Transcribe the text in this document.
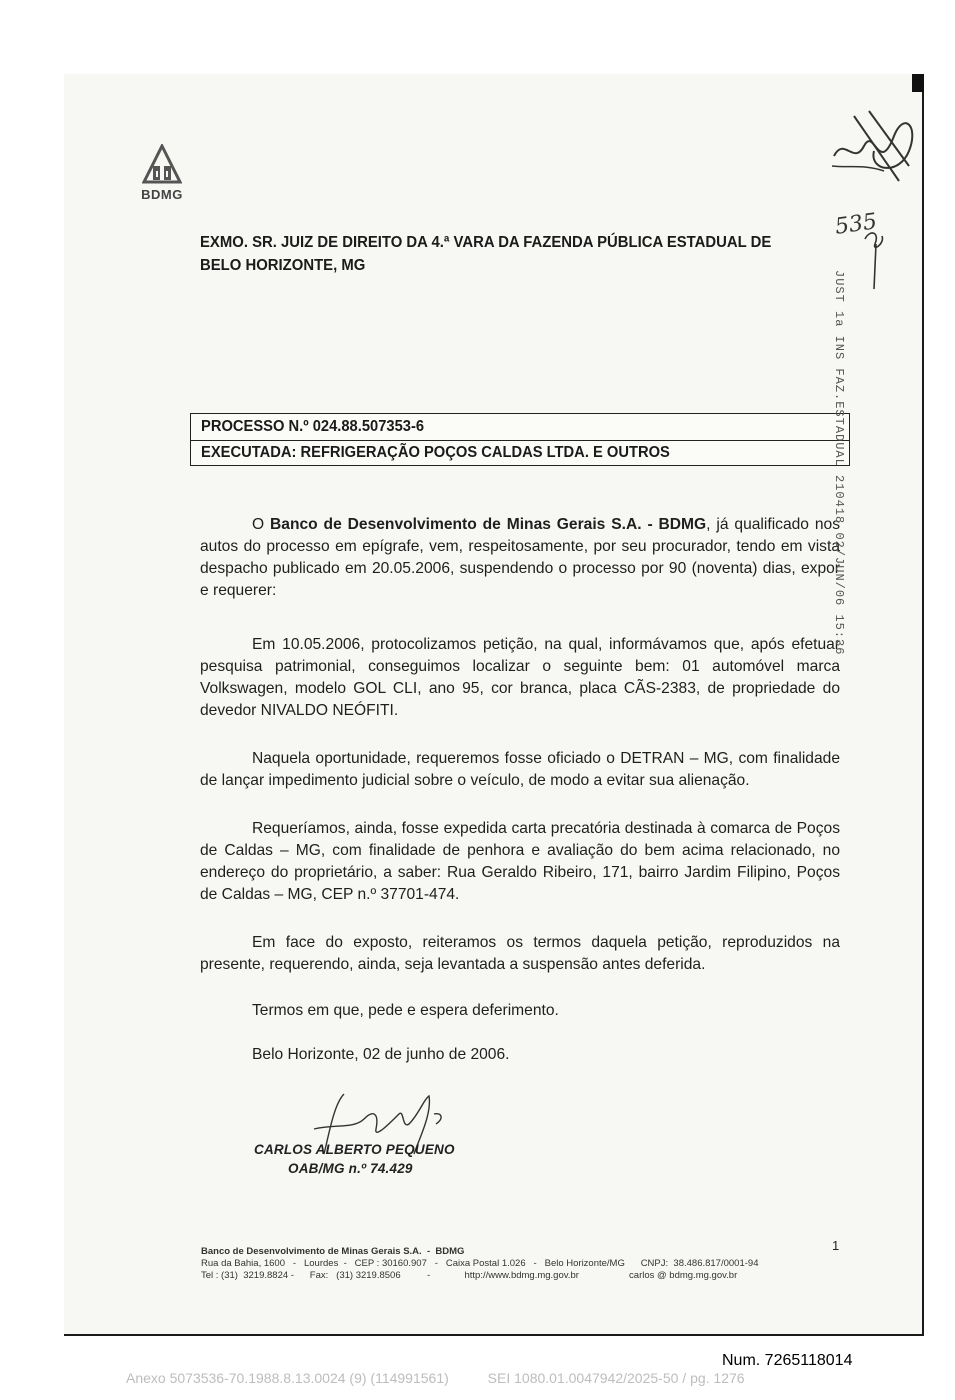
BDMG
EXMO. SR. JUIZ DE DIREITO DA 4.ª VARA DA FAZENDA PÚBLICA ESTADUAL DE
BELO HORIZONTE, MG
535
PROCESSO N.º 024.88.507353-6
EXECUTADA: REFRIGERAÇÃO POÇOS CALDAS LTDA. E OUTROS

O Banco de Desenvolvimento de Minas Gerais S.A. - BDMG, já qualificado nos autos do processo em epígrafe, vem, respeitosamente, por seu procurador, tendo em vista despacho publicado em 20.05.2006, suspendendo o processo por 90 (noventa) dias, expor e requerer:

Em 10.05.2006, protocolizamos petição, na qual, informávamos que, após efetuar pesquisa patrimonial, conseguimos localizar o seguinte bem: 01 automóvel marca Volkswagen, modelo GOL CLI, ano 95, cor branca, placa CÃS-2383, de propriedade do devedor NIVALDO NEÓFITI.

Naquela oportunidade, requeremos fosse oficiado o DETRAN – MG, com finalidade de lançar impedimento judicial sobre o veículo, de modo a evitar sua alienação.

Requeríamos, ainda, fosse expedida carta precatória destinada à comarca de Poços de Caldas – MG, com finalidade de penhora e avaliação do bem acima relacionado, no endereço do proprietário, a saber: Rua Geraldo Ribeiro, 171, bairro Jardim Filipino, Poços de Caldas – MG, CEP n.º 37701-474.

Em face do exposto, reiteramos os termos daquela petição, reproduzidos na presente, requerendo, ainda, seja levantada a suspensão antes deferida.

Termos em que, pede e espera deferimento.
Belo Horizonte, 02 de junho de 2006.
CARLOS ALBERTO PEQUENO
OAB/MG n.º 74.429
1
Banco de Desenvolvimento de Minas Gerais S.A.  -  BDMG
Rua da Bahia, 1600   -   Lourdes  -   CEP : 30160.907   -   Caixa Postal 1.026   -   Belo Horizonte/MG      CNPJ:  38.486.817/0001-94
Tel : (31)  3219.8824 -      Fax:   (31) 3219.8506          -             http://www.bdmg.mg.gov.br                   carlos @ bdmg.mg.gov.br
JUST 1a INS FAZ.ESTADUAL 210418 02/JUN/06 15:36
Num. 7265118014
Anexo 5073536-70.1988.8.13.0024 (9) (114991561)          SEI 1080.01.0047942/2025-50 / pg. 1276
